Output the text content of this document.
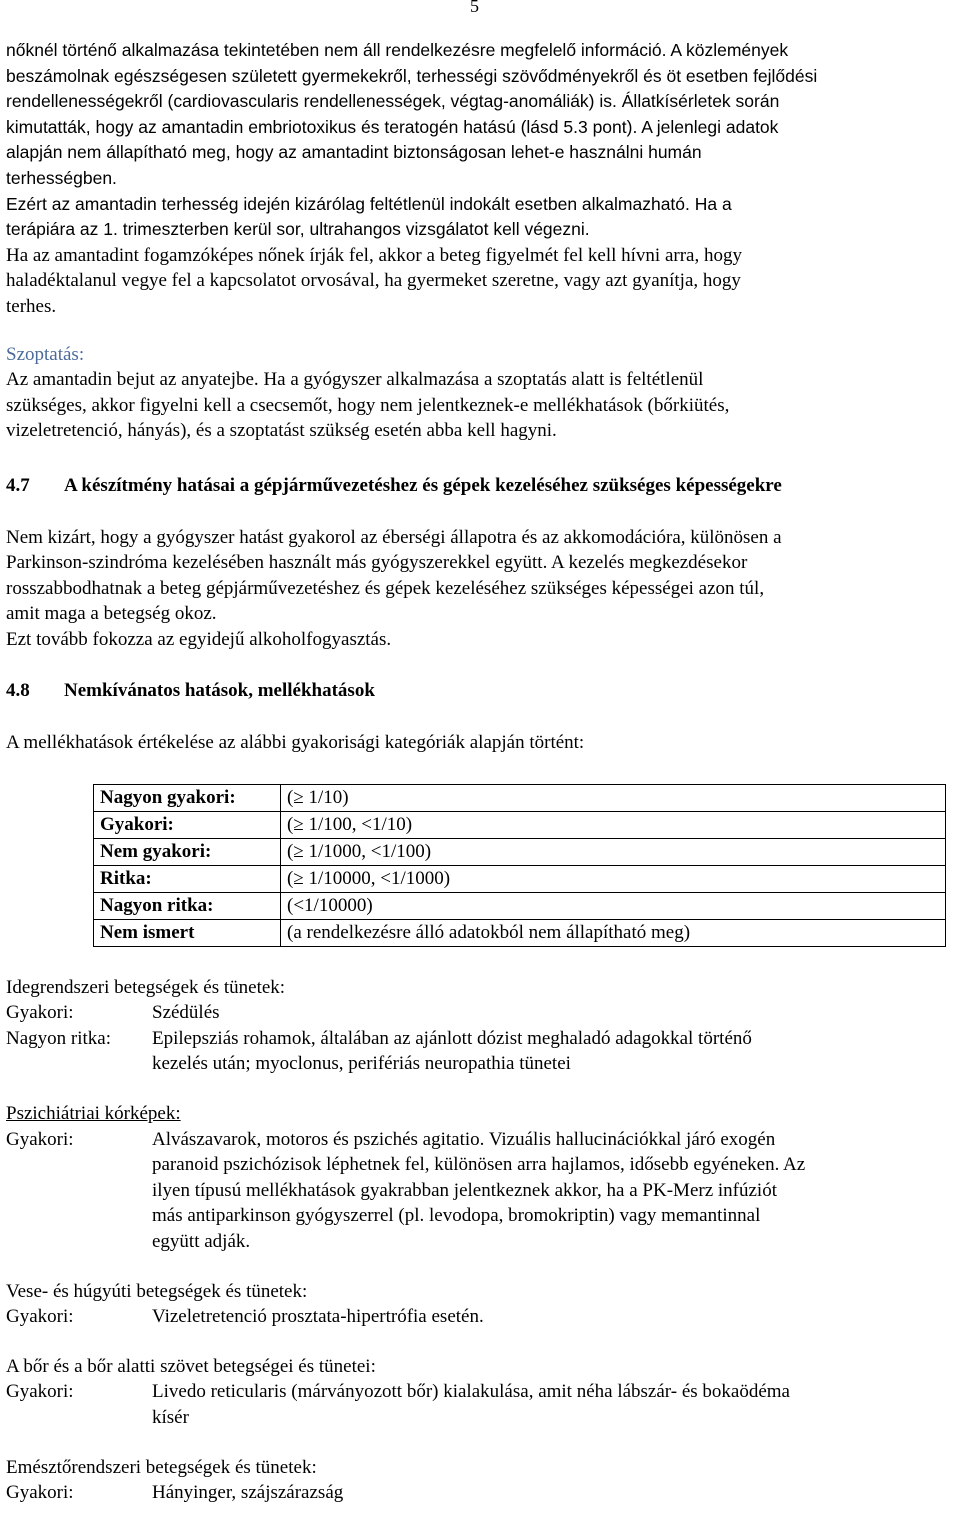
5

nőknél történő alkalmazása tekintetében nem áll rendelkezésre megfelelő információ. A közlemények

beszámolnak egészségesen született gyermekekről, terhességi szövődményekről és öt esetben fejlődési

rendellenességekről (cardiovascularis rendellenességek, végtag-anomáliák) is. Állatkísérletek során

kimutatták, hogy az amantadin embriotoxikus és teratogén hatású (lásd 5.3 pont). A jelenlegi adatok

alapján nem állapítható meg, hogy az amantadint biztonságosan lehet-e használni humán

terhességben.

Ezért az amantadin terhesség idején kizárólag feltétlenül indokált esetben alkalmazható. Ha a

terápiára az 1. trimeszterben kerül sor, ultrahangos vizsgálatot kell végezni.

Ha az amantadint fogamzóképes nőnek írják fel, akkor a beteg figyelmét fel kell hívni arra, hogy

haladéktalanul vegye fel a kapcsolatot orvosával, ha gyermeket szeretne, vagy azt gyanítja, hogy

terhes.

Szoptatás:

Az amantadin bejut az anyatejbe. Ha a gyógyszer alkalmazása a szoptatás alatt is feltétlenül

szükséges, akkor figyelni kell a csecsemőt, hogy nem jelentkeznek-e mellékhatások (bőrkiütés,

vizeletretenció, hányás), és a szoptatást szükség esetén abba kell hagyni.

4.7 A készítmény hatásai a gépjárművezetéshez és gépek kezeléséhez szükséges képességekre

Nem kizárt, hogy a gyógyszer hatást gyakorol az éberségi állapotra és az akkomodációra, különösen a

Parkinson-szindróma kezelésében használt más gyógyszerekkel együtt. A kezelés megkezdésekor

rosszabbodhatnak a beteg gépjárművezetéshez és gépek kezeléséhez szükséges képességei azon túl,

amit maga a betegség okoz.

Ezt tovább fokozza az egyidejű alkoholfogyasztás.

4.8 Nemkívánatos hatások, mellékhatások

A mellékhatások értékelése az alábbi gyakorisági kategóriák alapján történt:

Nagyon gyakori:	(≥ 1/10)
Gyakori:	(≥ 1/100, <1/10)
Nem gyakori:	(≥ 1/1000, <1/100)
Ritka:	(≥ 1/10000, <1/1000)
Nagyon ritka:	(<1/10000)
Nem ismert	(a rendelkezésre álló adatokból nem állapítható meg)

Idegrendszeri betegségek és tünetek:

Gyakori:	Szédülés
Nagyon ritka:	Epilepsziás rohamok, általában az ajánlott dózist meghaladó adagokkal történő
kezelés után; myoclonus, perifériás neuropathia tünetei

Pszichiátriai kórképek:

Gyakori:	Alvászavarok, motoros és pszichés agitatio. Vizuális hallucinációkkal járó exogén
paranoid pszichózisok léphetnek fel, különösen arra hajlamos, idősebb egyéneken. Az
ilyen típusú mellékhatások gyakrabban jelentkeznek akkor, ha a PK-Merz infúziót
más antiparkinson gyógyszerrel (pl. levodopa, bromokriptin) vagy memantinnal
együtt adják.

Vese- és húgyúti betegségek és tünetek:

Gyakori:	Vizeletretenció prosztata-hipertrófia esetén.

A bőr és a bőr alatti szövet betegségei és tünetei:

Gyakori:	Livedo reticularis (márványozott bőr) kialakulása, amit néha lábszár- és bokaödéma
kísér

Emésztőrendszeri betegségek és tünetek:

Gyakori:	Hányinger, szájszárazság
